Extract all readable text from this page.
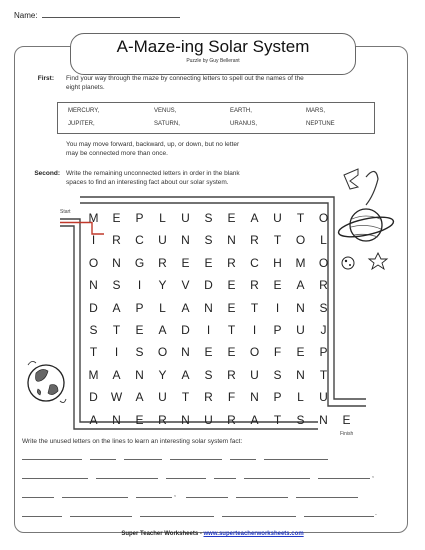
Name:
A-Maze-ing Solar System
Puzzle by Guy Bellerant
First: Find your way through the maze by connecting letters to spell out the names of the
eight planets.
MERCURY,	VENUS,	EARTH,	MARS,
JUPITER,	SATURN,	URANUS,	NEPTUNE
You may move forward, backward, up, or down, but no letter
may be connected more than once.
Second: Write the remaining unconnected letters in order in the blank
spaces to find an interesting fact about our solar system.
Start
Finish
M	E	P	L	U	S	E	A	U	T	O
I	R	C	U	N	S	N	R	T	O	L
O	N	G	R	E	E	R	C	H	M	O
N	S	I	Y	V	D	E	R	E	A	R
D	A	P	L	A	N	E	T	I	N	S
S	T	E	A	D	I	T	I	P	U	J
T	I	S	O	N	E	E	O	F	E	P
M	A	N	Y	A	S	R	U	S	N	T
D	W	A	U	T	R	F	N	P	L	U
A	N	E	R	N	U	R	A	T	S	N	E
Write the unused letters on the lines to learn an interesting solar system fact:
,
,
.
Super Teacher Worksheets - www.superteacherworksheets.com
